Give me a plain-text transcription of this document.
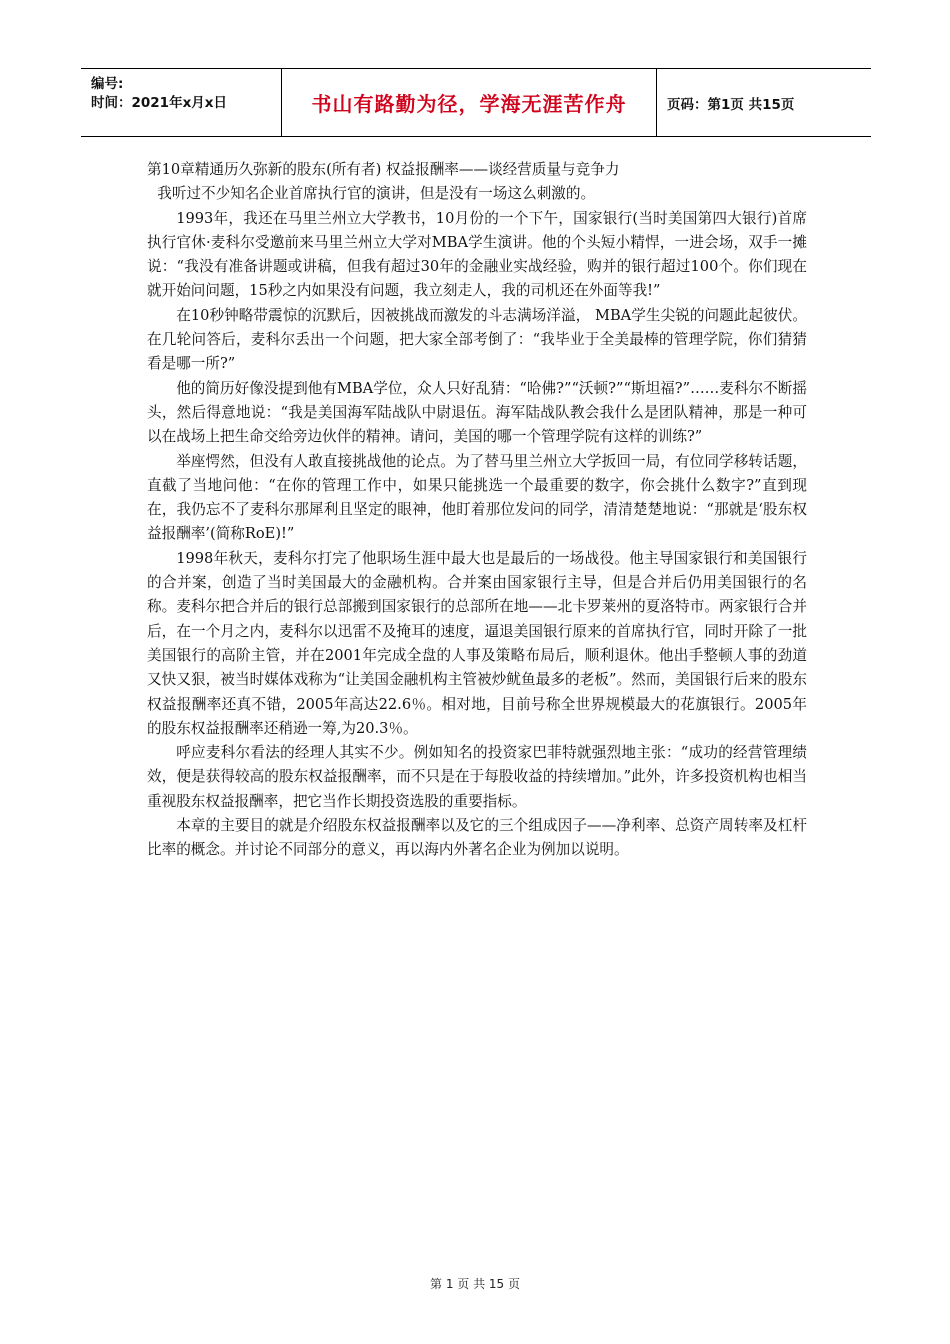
编号:
时间：2021年x月x日	书山有路勤为径，学海无涯苦作舟	页码：第1页 共15页

第10章精通历久弥新的股东(所有者) 权益报酬率——谈经营质量与竞争力

我听过不少知名企业首席执行官的演讲，但是没有一场这么刺激的。

1993年，我还在马里兰州立大学教书，10月份的一个下午，国家银行(当时美国第四大银行)首席执行官休·麦科尔受邀前来马里兰州立大学对MBA学生演讲。他的个头短小精悍，一进会场，双手一摊说：“我没有准备讲题或讲稿，但我有超过30年的金融业实战经验，购并的银行超过100个。你们现在就开始问问题，15秒之内如果没有问题，我立刻走人，我的司机还在外面等我!”

在10秒钟略带震惊的沉默后，因被挑战而激发的斗志满场洋溢， MBA学生尖锐的问题此起彼伏。在几轮问答后，麦科尔丢出一个问题，把大家全部考倒了：“我毕业于全美最棒的管理学院，你们猜猜看是哪一所?”

他的简历好像没提到他有MBA学位，众人只好乱猜：“哈佛?”“沃顿?”“斯坦福?”……麦科尔不断摇头，然后得意地说：“我是美国海军陆战队中尉退伍。海军陆战队教会我什么是团队精神，那是一种可以在战场上把生命交给旁边伙伴的精神。请问，美国的哪一个管理学院有这样的训练?”

举座愕然，但没有人敢直接挑战他的论点。为了替马里兰州立大学扳回一局，有位同学移转话题，直截了当地问他：“在你的管理工作中，如果只能挑选一个最重要的数字，你会挑什么数字?”直到现在，我仍忘不了麦科尔那犀利且坚定的眼神，他盯着那位发问的同学，清清楚楚地说：“那就是‘股东权益报酬率’(简称RoE)!”

1998年秋天，麦科尔打完了他职场生涯中最大也是最后的一场战役。他主导国家银行和美国银行的合并案，创造了当时美国最大的金融机构。合并案由国家银行主导，但是合并后仍用美国银行的名称。麦科尔把合并后的银行总部搬到国家银行的总部所在地——北卡罗莱州的夏洛特市。两家银行合并后，在一个月之内，麦科尔以迅雷不及掩耳的速度，逼退美国银行原来的首席执行官，同时开除了一批美国银行的高阶主管，并在2001年完成全盘的人事及策略布局后，顺利退休。他出手整顿人事的劲道又快又狠，被当时媒体戏称为“让美国金融机构主管被炒鱿鱼最多的老板”。然而，美国银行后来的股东权益报酬率还真不错，2005年高达22.6％。相对地，目前号称全世界规模最大的花旗银行。2005年的股东权益报酬率还稍逊一筹,为20.3％。

呼应麦科尔看法的经理人其实不少。例如知名的投资家巴菲特就强烈地主张：“成功的经营管理绩效，便是获得较高的股东权益报酬率，而不只是在于每股收益的持续增加。”此外，许多投资机构也相当重视股东权益报酬率，把它当作长期投资选股的重要指标。

本章的主要目的就是介绍股东权益报酬率以及它的三个组成因子——净利率、总资产周转率及杠杆比率的概念。并讨论不同部分的意义，再以海内外著名企业为例加以说明。

第 1 页 共 15 页
